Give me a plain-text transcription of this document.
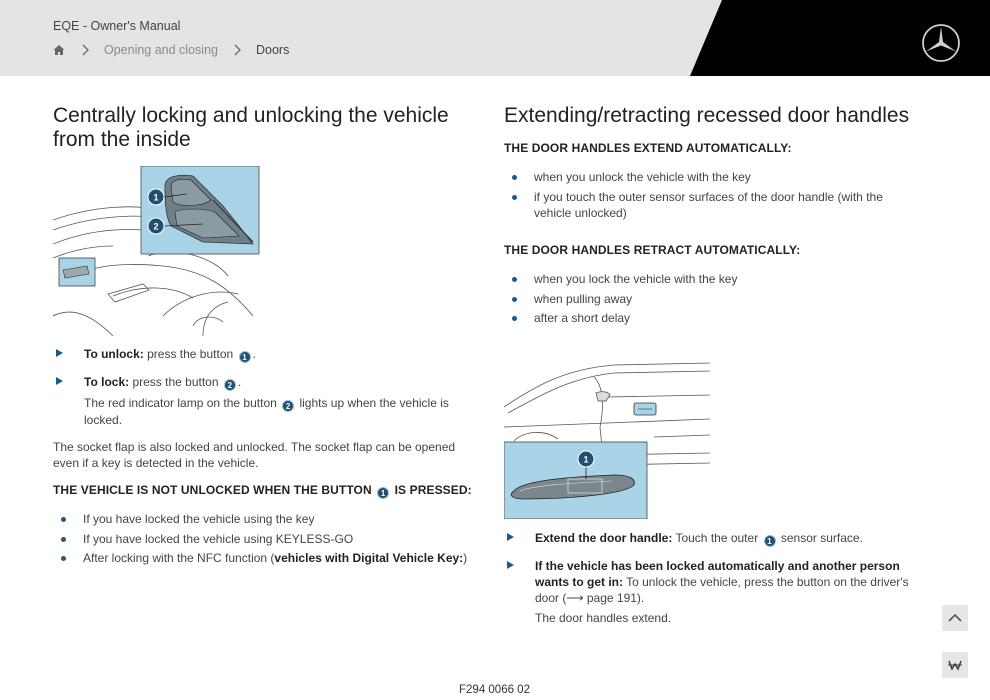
EQE - Owner's Manual
Opening and closing	Doors
Centrally locking and unlocking the vehicle from the inside
1
2
To unlock: press the button 1 .
To lock: press the button 2 .
The red indicator lamp on the button 2 lights up when the vehicle is locked.

The socket flap is also locked and unlocked. The socket flap can be opened even if a key is detected in the vehicle.

THE VEHICLE IS NOT UNLOCKED WHEN THE BUTTON 1 IS PRESSED:
If you have locked the vehicle using the key
If you have locked the vehicle using KEYLESS-GO
After locking with the NFC function (vehicles with Digital Vehicle Key:)
Extending/retracting recessed door handles
THE DOOR HANDLES EXTEND AUTOMATICALLY:
when you unlock the vehicle with the key
if you touch the outer sensor surfaces of the door handle (with the vehicle unlocked)
THE DOOR HANDLES RETRACT AUTOMATICALLY:
when you lock the vehicle with the key
when pulling away
after a short delay
1
Extend the door handle: Touch the outer 1 sensor surface.
If the vehicle has been locked automatically and another person wants to get in: To unlock the vehicle, press the button on the driver's door (⟶ page 191).
The door handles extend.
F294 0066 02
